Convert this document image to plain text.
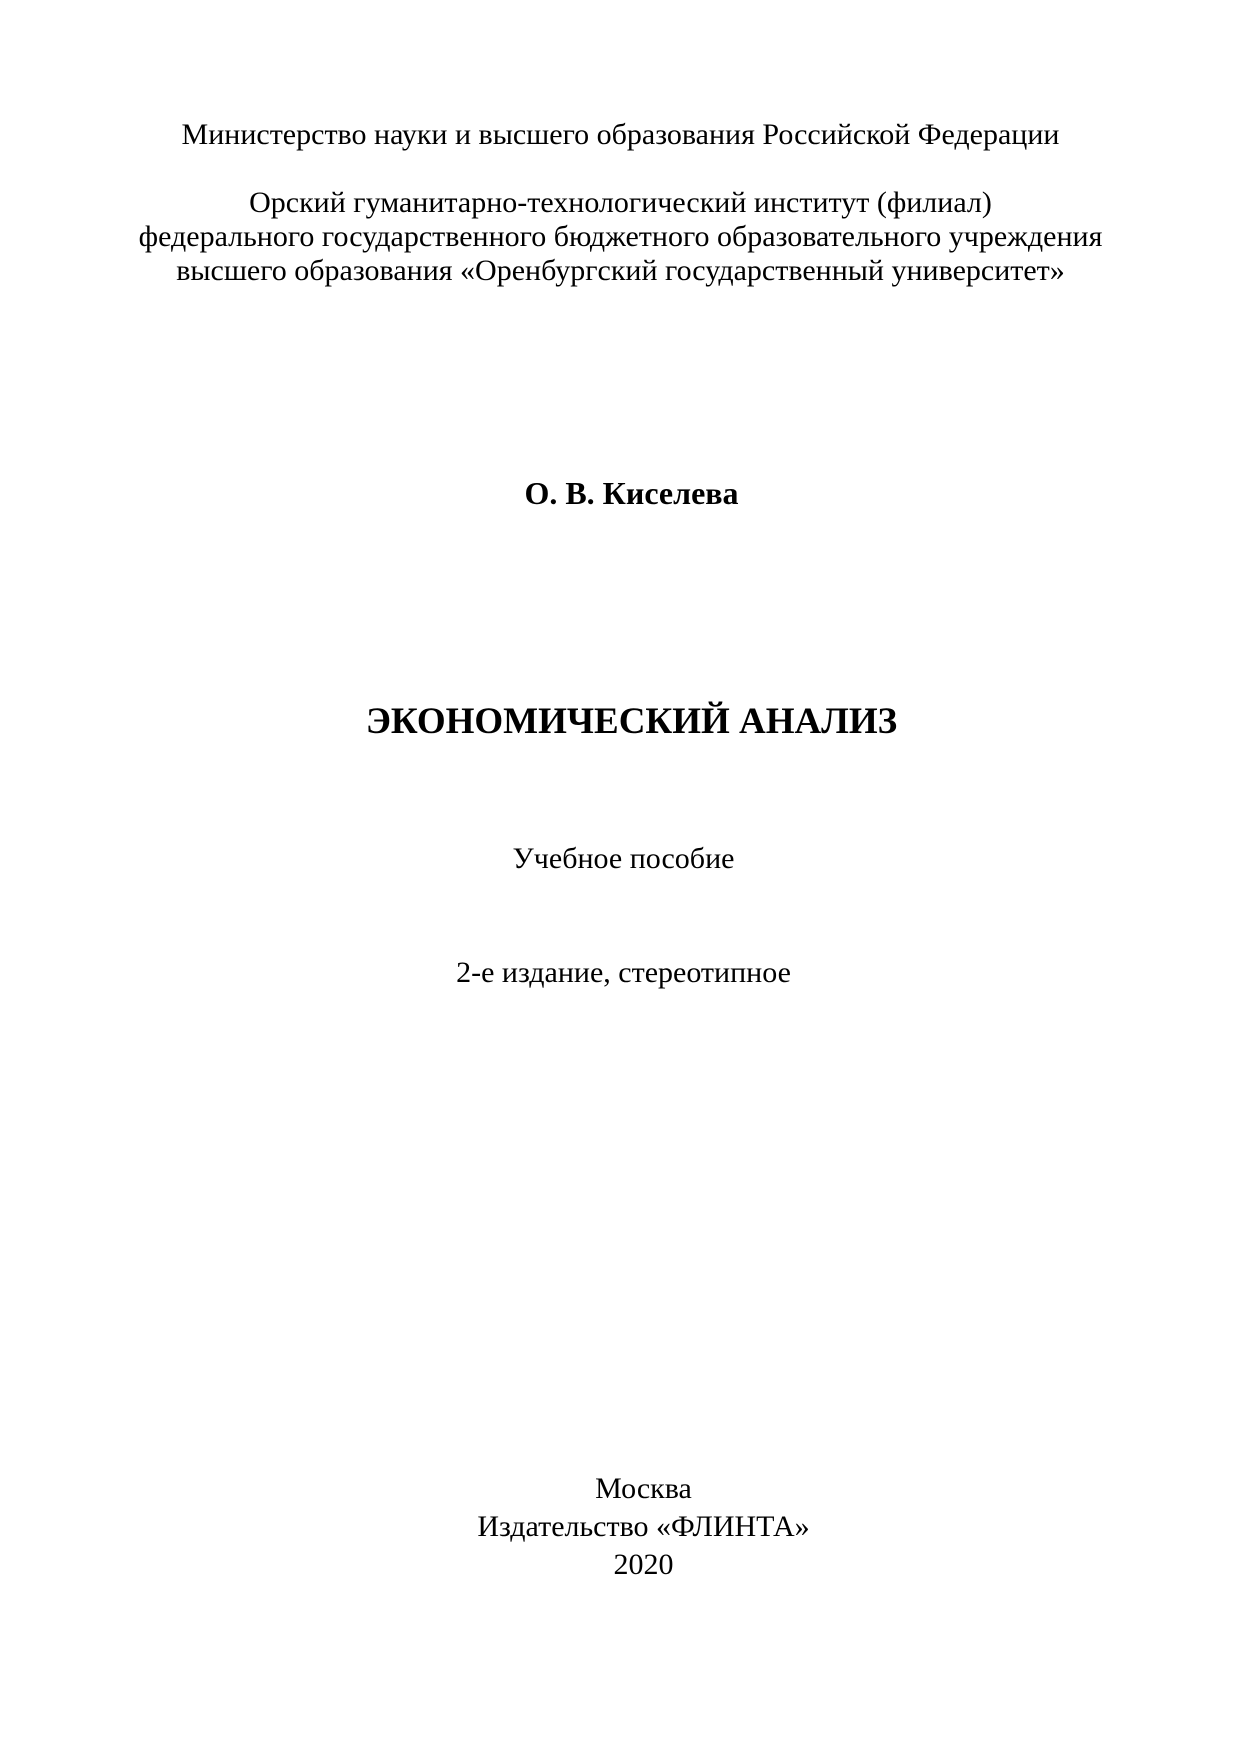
Министерство науки и высшего образования Российской Федерации
Орский гуманитарно-технологический институт (филиал)
федерального государственного бюджетного образовательного учреждения
высшего образования «Оренбургский государственный университет»
О. В. Киселева
ЭКОНОМИЧЕСКИЙ АНАЛИЗ
Учебное пособие
2-е издание, стереотипное
Москва
Издательство «ФЛИНТА»
2020
